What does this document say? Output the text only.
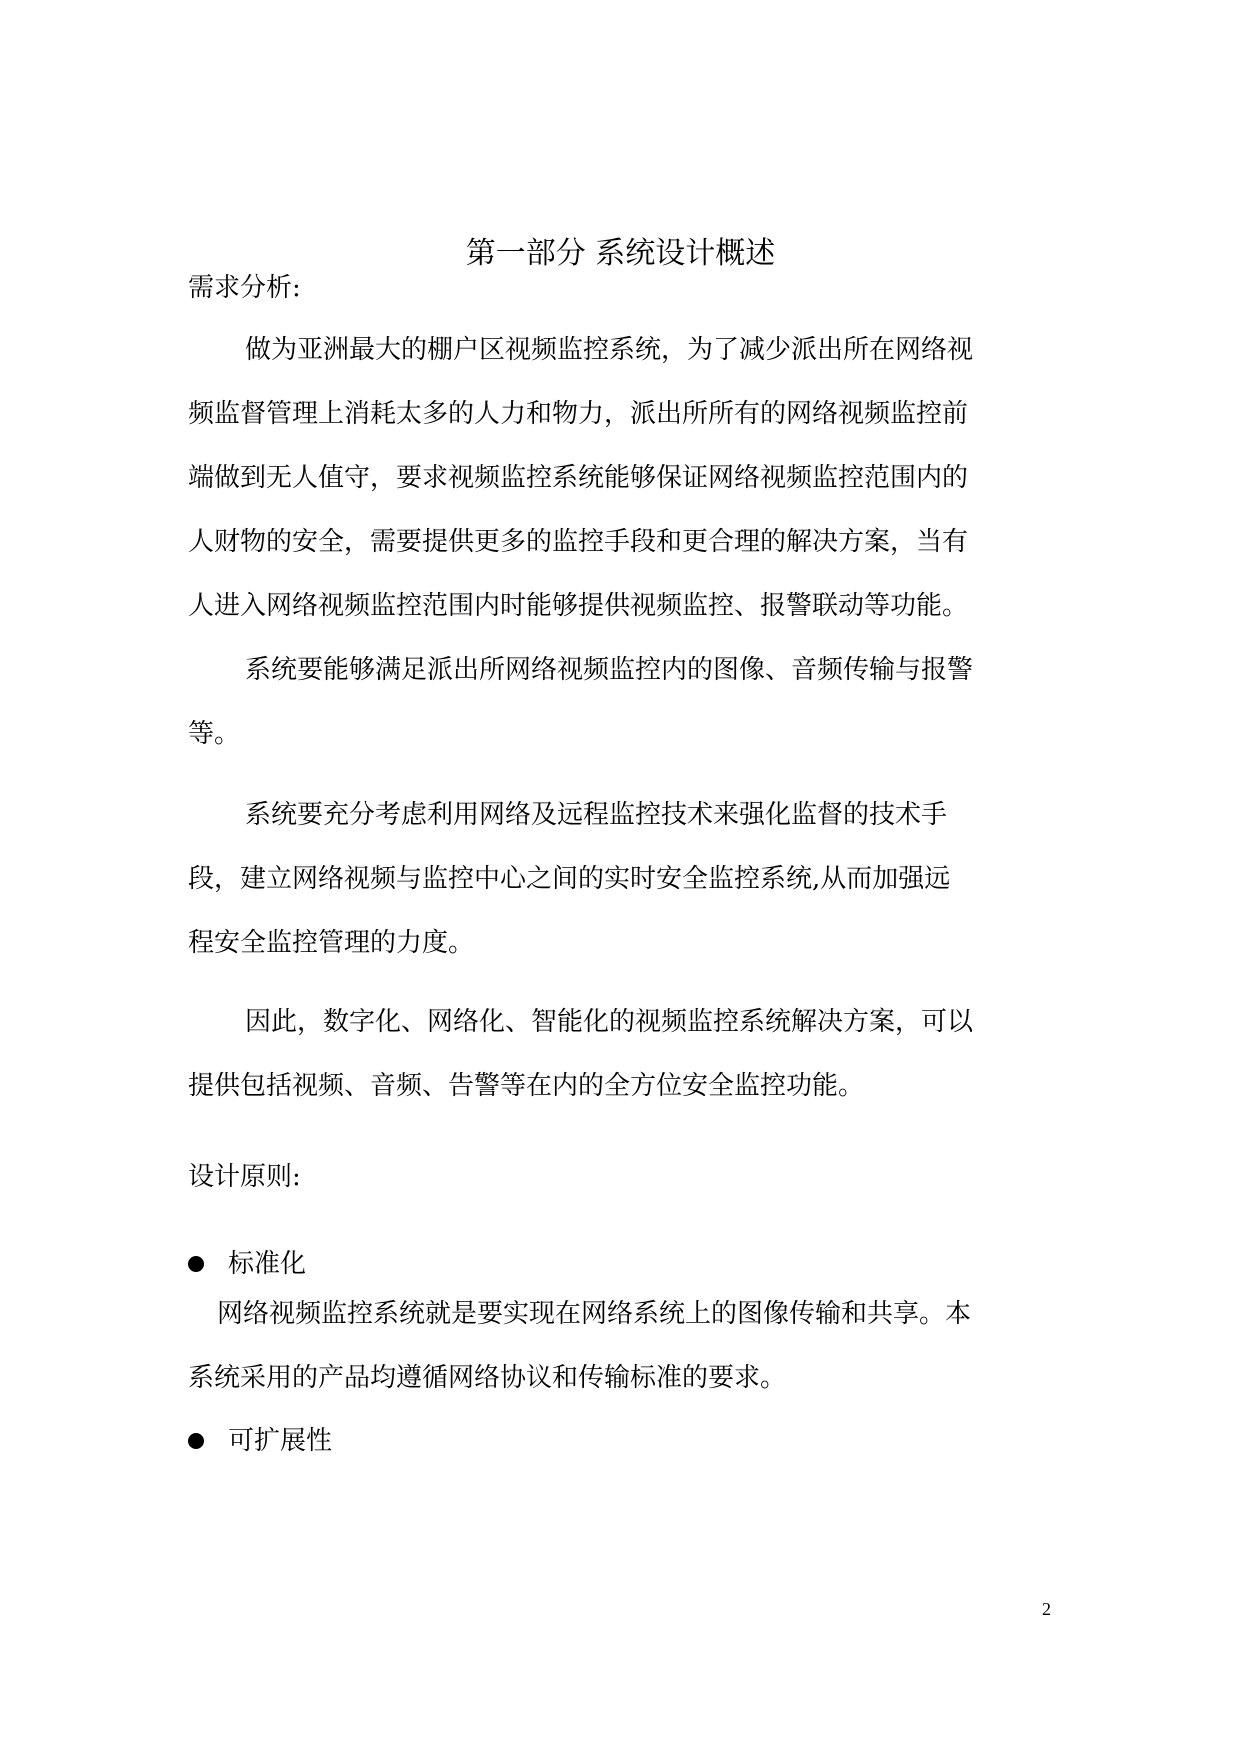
第一部分 系统设计概述
需求分析:
做为亚洲最大的棚户区视频监控系统，为了减少派出所在网络视
频监督管理上消耗太多的人力和物力，派出所所有的网络视频监控前
端做到无人值守，要求视频监控系统能够保证网络视频监控范围内的
人财物的安全，需要提供更多的监控手段和更合理的解决方案，当有
人进入网络视频监控范围内时能够提供视频监控、报警联动等功能。
系统要能够满足派出所网络视频监控内的图像、音频传输与报警
等。
系统要充分考虑利用网络及远程监控技术来强化监督的技术手
段，建立网络视频与监控中心之间的实时安全监控系统,从而加强远
程安全监控管理的力度。
因此，数字化、网络化、智能化的视频监控系统解决方案，可以
提供包括视频、音频、告警等在内的全方位安全监控功能。
设计原则:
标准化
网络视频监控系统就是要实现在网络系统上的图像传输和共享。本
系统采用的产品均遵循网络协议和传输标准的要求。
可扩展性
2
